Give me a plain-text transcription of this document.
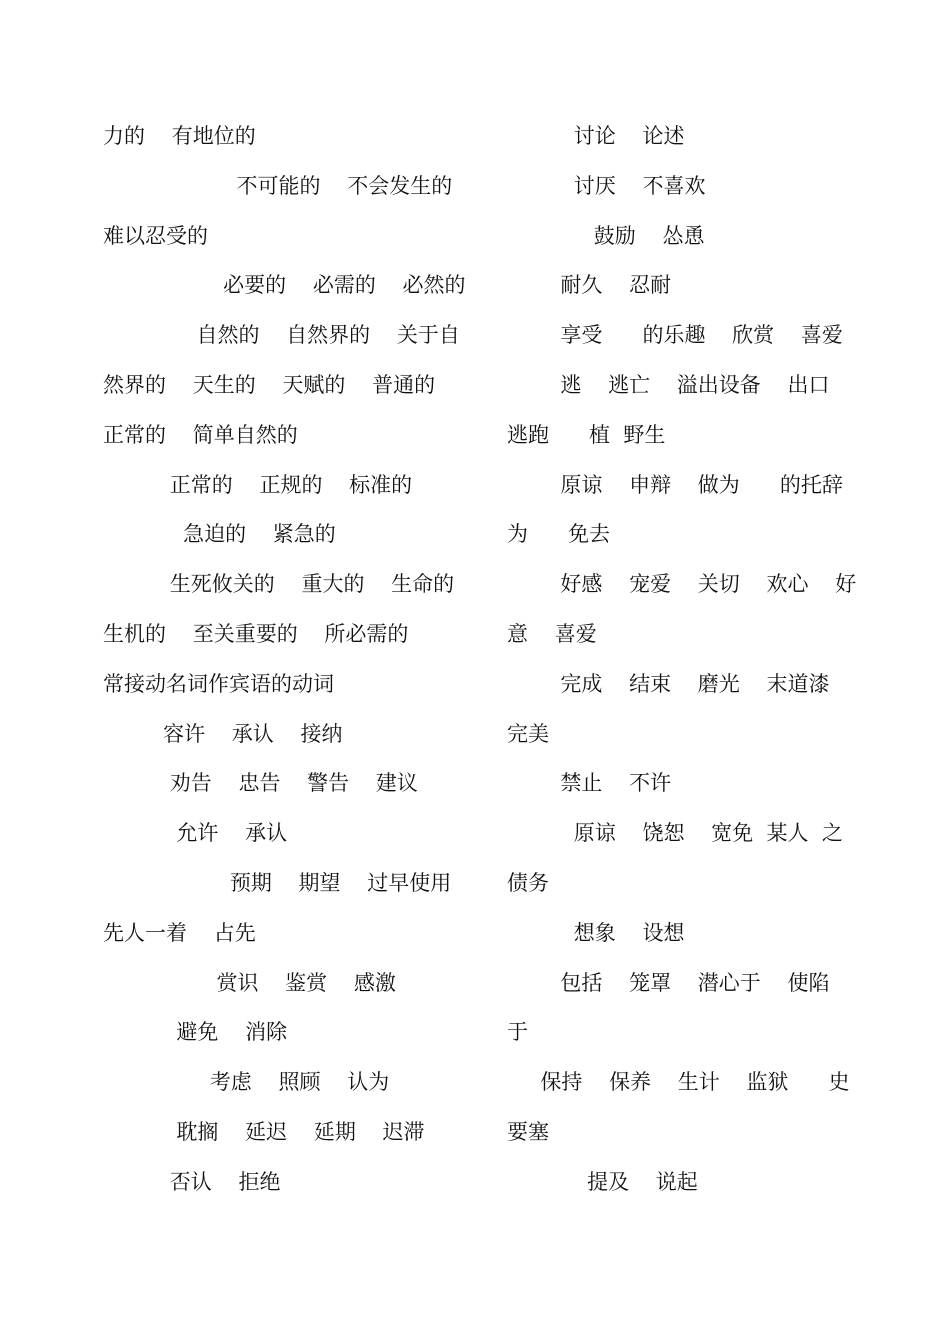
力的    有地位的
不可能的    不会发生的
难以忍受的
必要的    必需的    必然的
自然的    自然界的    关于自
然界的    天生的    天赋的    普通的
正常的    简单自然的
正常的    正规的    标准的
急迫的    紧急的
生死攸关的    重大的    生命的
生机的    至关重要的    所必需的
常接动名词作宾语的动词
容许    承认    接纳
劝告    忠告    警告    建议
允许    承认
预期    期望    过早使用
先人一着    占先
赏识    鉴赏    感激
避免    消除
考虑    照顾    认为
耽搁    延迟    延期    迟滞
否认    拒绝
讨论    论述
讨厌    不喜欢
鼓励    怂恿
耐久    忍耐
享受      的乐趣    欣赏    喜爱
逃    逃亡    溢出设备    出口
逃跑      植  野生
原谅    申辩    做为      的托辞
为      免去
好感    宠爱    关切    欢心    好
意    喜爱
完成    结束    磨光    末道漆
完美
禁止    不许
原谅    饶恕    宽免  某人  之
债务
想象    设想
包括    笼罩    潜心于    使陷
于
保持    保养    生计    监狱      史
要塞
提及    说起
